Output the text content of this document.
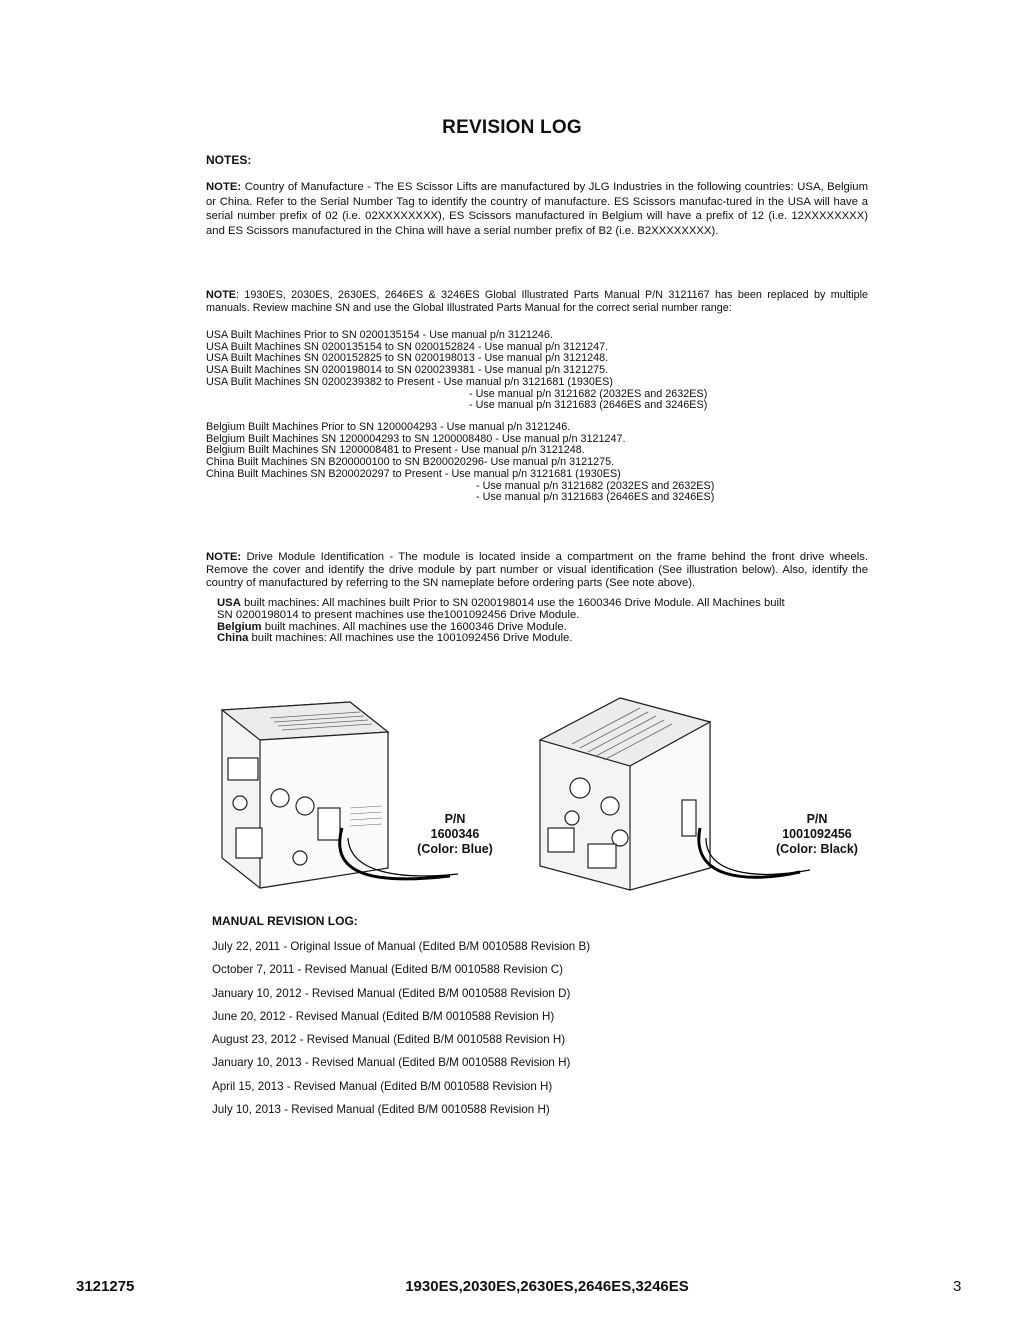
REVISION LOG
NOTES:
NOTE: Country of Manufacture - The ES Scissor Lifts are manufactured by JLG Industries in the following countries: USA, Belgium or China. Refer to the Serial Number Tag to identify the country of manufacture. ES Scissors manufac-tured in the USA will have a serial number prefix of 02 (i.e. 02XXXXXXXX), ES Scissors manufactured in Belgium will have a prefix of 12 (i.e. 12XXXXXXXX) and ES Scissors manufactured in the China will have a serial number prefix of B2 (i.e. B2XXXXXXXX).
NOTE: 1930ES, 2030ES, 2630ES, 2646ES & 3246ES Global Illustrated Parts Manual P/N 3121167 has been replaced by multiple manuals. Review machine SN and use the Global Illustrated Parts Manual for the correct serial number range:
USA Built Machines Prior to SN 0200135154 - Use manual p/n 3121246.
USA Built Machines SN 0200135154 to SN 0200152824 - Use manual p/n 3121247.
USA Built Machines SN 0200152825 to SN 0200198013 - Use manual p/n 3121248.
USA Built Machines SN 0200198014 to SN 0200239381 - Use manual p/n 3121275.
USA Bulit Machines SN 0200239382 to Present - Use manual p/n 3121681 (1930ES)
- Use manual p/n 3121682 (2032ES and 2632ES)
- Use manual p/n 3121683 (2646ES and 3246ES)
Belgium Built Machines Prior to SN 1200004293 - Use manual p/n 3121246.
Belgium Built Machines SN 1200004293 to SN 1200008480 - Use manual p/n 3121247.
Belgium Built Machines SN 1200008481 to Present - Use manual p/n 3121248.
China Built Machines SN B200000100 to SN B200020296- Use manual p/n 3121275.
China Built Machines SN B200020297 to Present - Use manual p/n 3121681 (1930ES)
- Use manual p/n 3121682 (2032ES and 2632ES)
- Use manual p/n 3121683 (2646ES and 3246ES)
NOTE: Drive Module Identification - The module is located inside a compartment on the frame behind the front drive wheels. Remove the cover and identify the drive module by part number or visual identification (See illustration below). Also, identify the country of manufactured by referring to the SN nameplate before ordering parts (See note above).
USA built machines: All machines built Prior to SN 0200198014 use the 1600346 Drive Module. All Machines built
SN 0200198014 to present machines use the1001092456 Drive Module.
Belgium built machines. All machines use the 1600346 Drive Module.
China built machines: All machines use the 1001092456 Drive Module.
P/N
1600346
(Color: Blue)
P/N
1001092456
(Color: Black)
MANUAL REVISION LOG:
July 22, 2011 - Original Issue of Manual (Edited B/M 0010588 Revision B)
October 7, 2011 - Revised Manual (Edited B/M 0010588 Revision C)
January 10, 2012 - Revised Manual (Edited B/M 0010588 Revision D)
June 20, 2012 - Revised Manual (Edited B/M 0010588 Revision H)
August 23, 2012 - Revised Manual (Edited B/M 0010588 Revision H)
January 10, 2013 - Revised Manual (Edited B/M 0010588 Revision H)
April 15, 2013 - Revised Manual (Edited B/M 0010588 Revision H)
July 10, 2013 - Revised Manual (Edited B/M 0010588 Revision H)
3121275	1930ES,2030ES,2630ES,2646ES,3246ES	3
